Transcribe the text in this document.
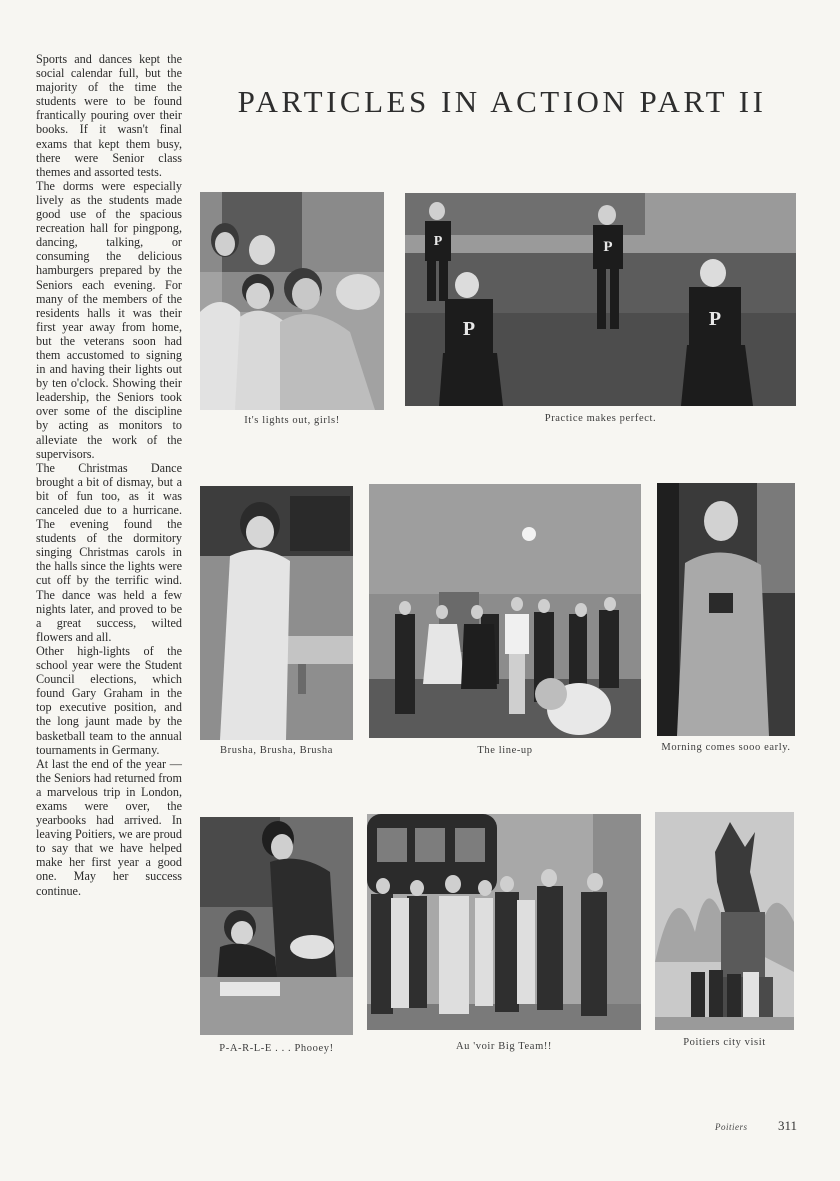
Sports and dances kept the social calendar full, but the majority of the time the students were to be found frantically pouring over their books. If it wasn't final exams that kept them busy, there were Senior class themes and assorted tests.

The dorms were especially lively as the students made good use of the spacious recreation hall for pingpong, dancing, talking, or consuming the delicious hamburgers prepared by the Seniors each evening. For many of the members of the residents halls it was their first year away from home, but the veterans soon had them accustomed to signing in and having their lights out by ten o'clock. Showing their leadership, the Seniors took over some of the discipline by acting as monitors to alleviate the work of the supervisors.

The Christmas Dance brought a bit of dismay, but a bit of fun too, as it was canceled due to a hurricane. The evening found the students of the dormitory singing Christmas carols in the halls since the lights were cut off by the terrific wind. The dance was held a few nights later, and proved to be a great success, wilted flowers and all.

Other high-lights of the school year were the Student Council elections, which found Gary Graham in the top executive position, and the long jaunt made by the basketball team to the annual tournaments in Germany.

At last the end of the year — the Seniors had returned from a marvelous trip in London, exams were over, the yearbooks had arrived. In leaving Poitiers, we are proud to say that we have helped make her first year a good one. May her success continue.

PARTICLES IN ACTION PART II
It's lights out, girls!
P	P
P	P
Practice makes perfect.
Brusha, Brusha, Brusha	The line-up	Morning comes sooo early.
P-A-R-L-E . . . Phooey!	Au 'voir Big Team!!	Poitiers city visit
Poitiers 311
